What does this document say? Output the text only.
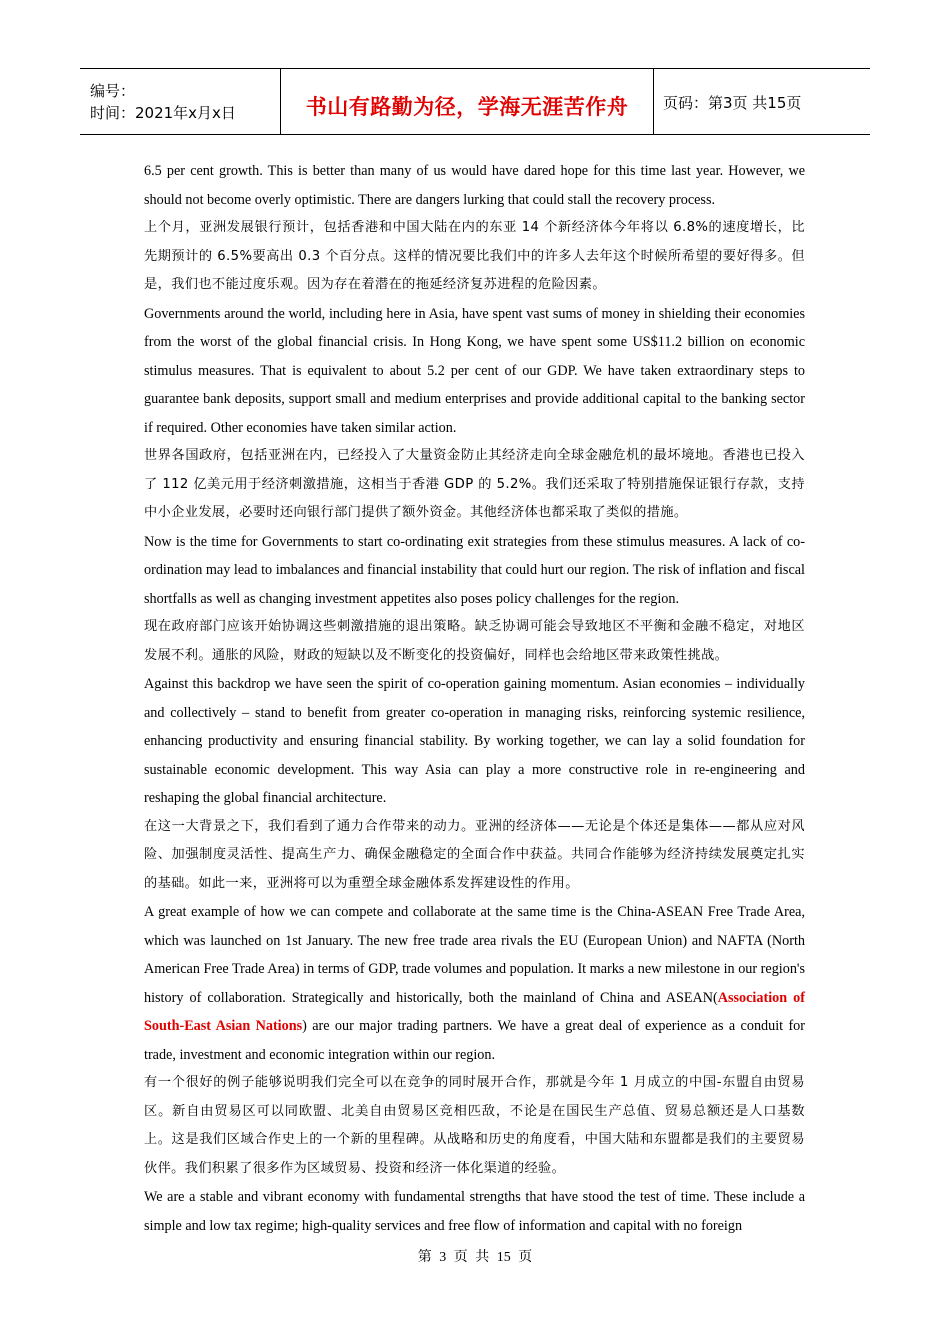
编号：
时间：2021年x月x日	书山有路勤为径，学海无涯苦作舟 页码：第3页 共15页

6.5 per cent growth. This is better than many of us would have dared hope for this time last year. However, we should not become overly optimistic. There are dangers lurking that could stall the recovery process.

上个月，亚洲发展银行预计，包括香港和中国大陆在内的东亚 14 个新经济体今年将以 6.8%的速度增长，比先期预计的 6.5%要高出 0.3 个百分点。这样的情况要比我们中的许多人去年这个时候所希望的要好得多。但是，我们也不能过度乐观。因为存在着潜在的拖延经济复苏进程的危险因素。

Governments around the world, including here in Asia, have spent vast sums of money in shielding their economies from the worst of the global financial crisis. In Hong Kong, we have spent some US$11.2 billion on economic stimulus measures. That is equivalent to about 5.2 per cent of our GDP. We have taken extraordinary steps to guarantee bank deposits, support small and medium enterprises and provide additional capital to the banking sector if required. Other economies have taken similar action.

世界各国政府，包括亚洲在内，已经投入了大量资金防止其经济走向全球金融危机的最坏境地。香港也已投入了 112 亿美元用于经济刺激措施，这相当于香港 GDP 的 5.2%。我们还采取了特别措施保证银行存款，支持中小企业发展，必要时还向银行部门提供了额外资金。其他经济体也都采取了类似的措施。

Now is the time for Governments to start co-ordinating exit strategies from these stimulus measures. A lack of co-ordination may lead to imbalances and financial instability that could hurt our region. The risk of inflation and fiscal shortfalls as well as changing investment appetites also poses policy challenges for the region.

现在政府部门应该开始协调这些刺激措施的退出策略。缺乏协调可能会导致地区不平衡和金融不稳定，对地区发展不利。通胀的风险，财政的短缺以及不断变化的投资偏好，同样也会给地区带来政策性挑战。

Against this backdrop we have seen the spirit of co-operation gaining momentum. Asian economies – individually and collectively – stand to benefit from greater co-operation in managing risks, reinforcing systemic resilience, enhancing productivity and ensuring financial stability. By working together, we can lay a solid foundation for sustainable economic development. This way Asia can play a more constructive role in re-engineering and reshaping the global financial architecture.

在这一大背景之下，我们看到了通力合作带来的动力。亚洲的经济体——无论是个体还是集体——都从应对风险、加强制度灵活性、提高生产力、确保金融稳定的全面合作中获益。共同合作能够为经济持续发展奠定扎实的基础。如此一来，亚洲将可以为重塑全球金融体系发挥建设性的作用。

A great example of how we can compete and collaborate at the same time is the China-ASEAN Free Trade Area, which was launched on 1st January. The new free trade area rivals the EU (European Union) and NAFTA (North American Free Trade Area) in terms of GDP, trade volumes and population. It marks a new milestone in our region's history of collaboration. Strategically and historically, both the mainland of China and ASEAN(Association of South-East Asian Nations) are our major trading partners. We have a great deal of experience as a conduit for trade, investment and economic integration within our region.

有一个很好的例子能够说明我们完全可以在竞争的同时展开合作，那就是今年 1 月成立的中国-东盟自由贸易区。新自由贸易区可以同欧盟、北美自由贸易区竞相匹敌，不论是在国民生产总值、贸易总额还是人口基数上。这是我们区域合作史上的一个新的里程碑。从战略和历史的角度看，中国大陆和东盟都是我们的主要贸易伙伴。我们积累了很多作为区域贸易、投资和经济一体化渠道的经验。

We are a stable and vibrant economy with fundamental strengths that have stood the test of time. These include a simple and low tax regime; high-quality services and free flow of information and capital with no foreign

第 3 页 共 15 页
